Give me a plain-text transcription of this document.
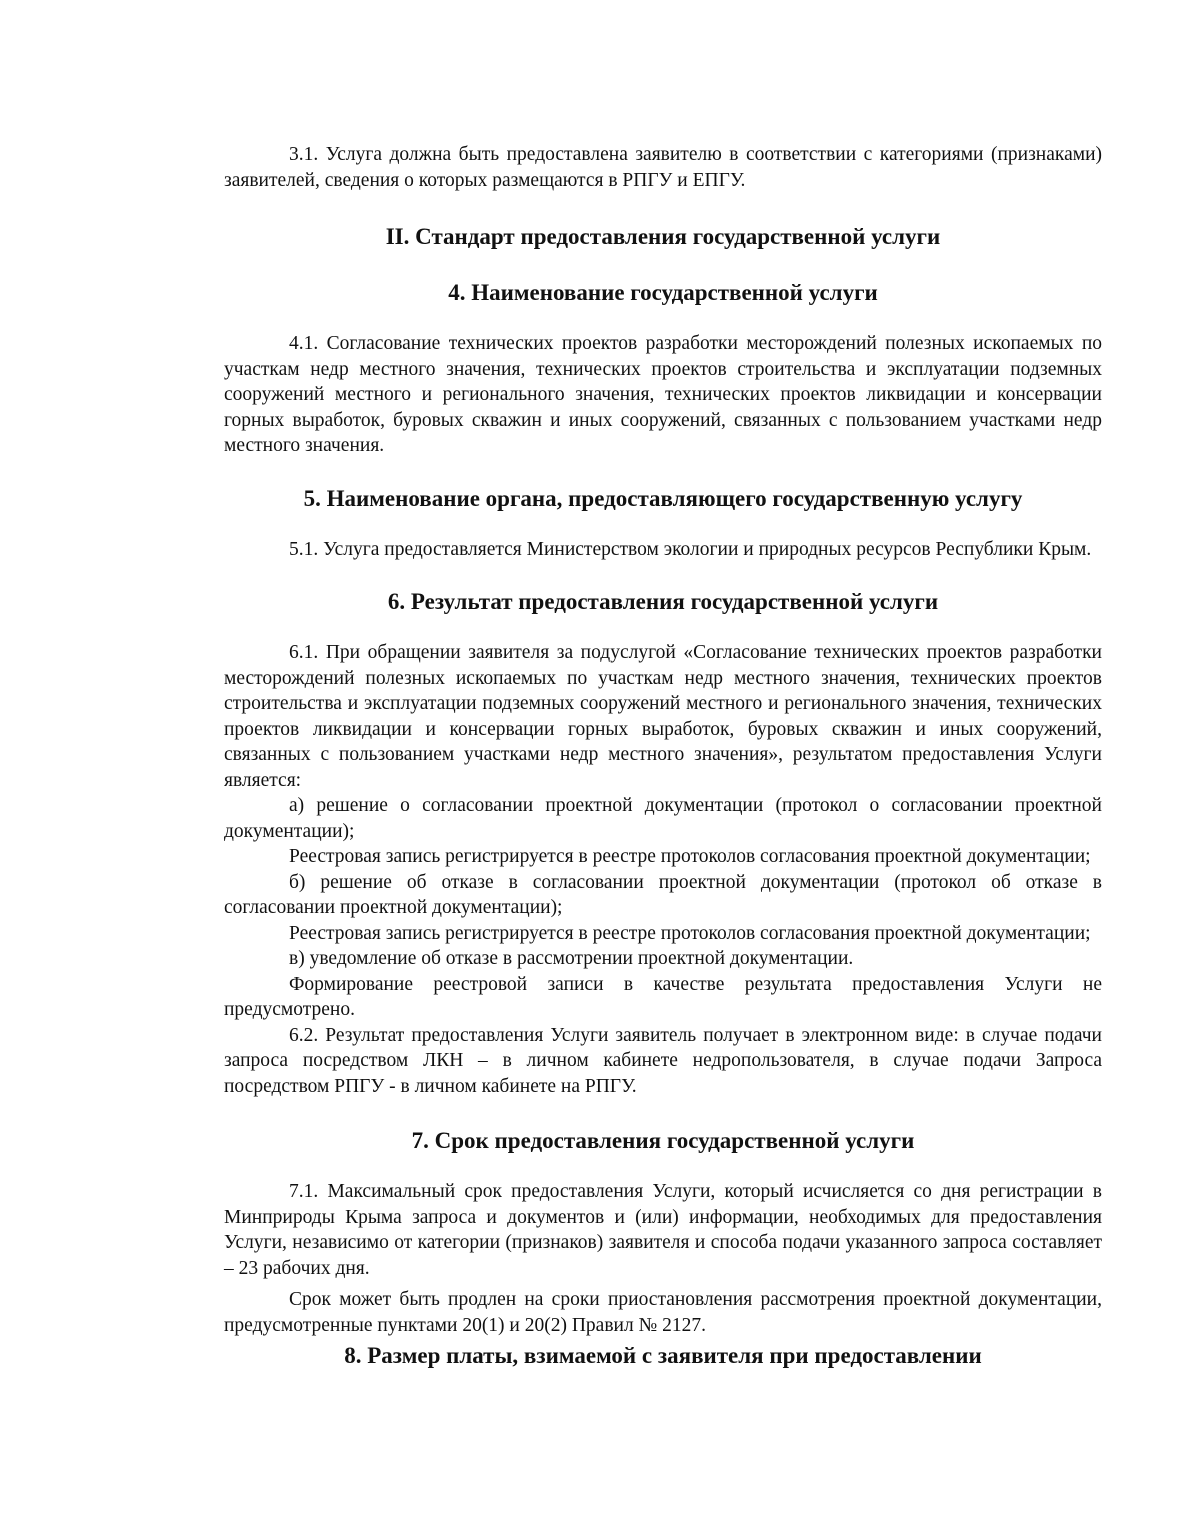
3.1. Услуга должна быть предоставлена заявителю в соответствии с категориями (признаками) заявителей, сведения о которых размещаются в РПГУ и ЕПГУ.

II. Стандарт предоставления государственной услуги
4. Наименование государственной услуги

4.1. Согласование технических проектов разработки месторождений полезных ископаемых по участкам недр местного значения, технических проектов строительства и эксплуатации подземных сооружений местного и регионального значения, технических проектов ликвидации и консервации горных выработок, буровых скважин и иных сооружений, связанных с пользованием участками недр местного значения.

5. Наименование органа, предоставляющего государственную услугу

5.1. Услуга предоставляется Министерством экологии и природных ресурсов Республики Крым.

6. Результат предоставления государственной услуги

6.1. При обращении заявителя за подуслугой «Согласование технических проектов разработки месторождений полезных ископаемых по участкам недр местного значения, технических проектов строительства и эксплуатации подземных сооружений местного и регионального значения, технических проектов ликвидации и консервации горных выработок, буровых скважин и иных сооружений, связанных с пользованием участками недр местного значения», результатом предоставления Услуги является:

а) решение о согласовании проектной документации (протокол о согласовании проектной документации);

Реестровая запись регистрируется в реестре протоколов согласования проектной документации;

б) решение об отказе в согласовании проектной документации (протокол об отказе в согласовании проектной документации);

Реестровая запись регистрируется в реестре протоколов согласования проектной документации;

в) уведомление об отказе в рассмотрении проектной документации.

Формирование реестровой записи в качестве результата предоставления Услуги не предусмотрено.

6.2. Результат предоставления Услуги заявитель получает в электронном виде: в случае подачи запроса посредством ЛКН – в личном кабинете недропользователя, в случае подачи Запроса посредством РПГУ - в личном кабинете на РПГУ.

7. Срок предоставления государственной услуги

7.1. Максимальный срок предоставления Услуги, который исчисляется со дня регистрации в Минприроды Крыма запроса и документов и (или) информации, необходимых для предоставления Услуги, независимо от категории (признаков) заявителя и способа подачи указанного запроса составляет – 23 рабочих дня.

Срок может быть продлен на сроки приостановления рассмотрения проектной документации, предусмотренные пунктами 20(1) и 20(2) Правил № 2127.

8. Размер платы, взимаемой с заявителя при предоставлении
